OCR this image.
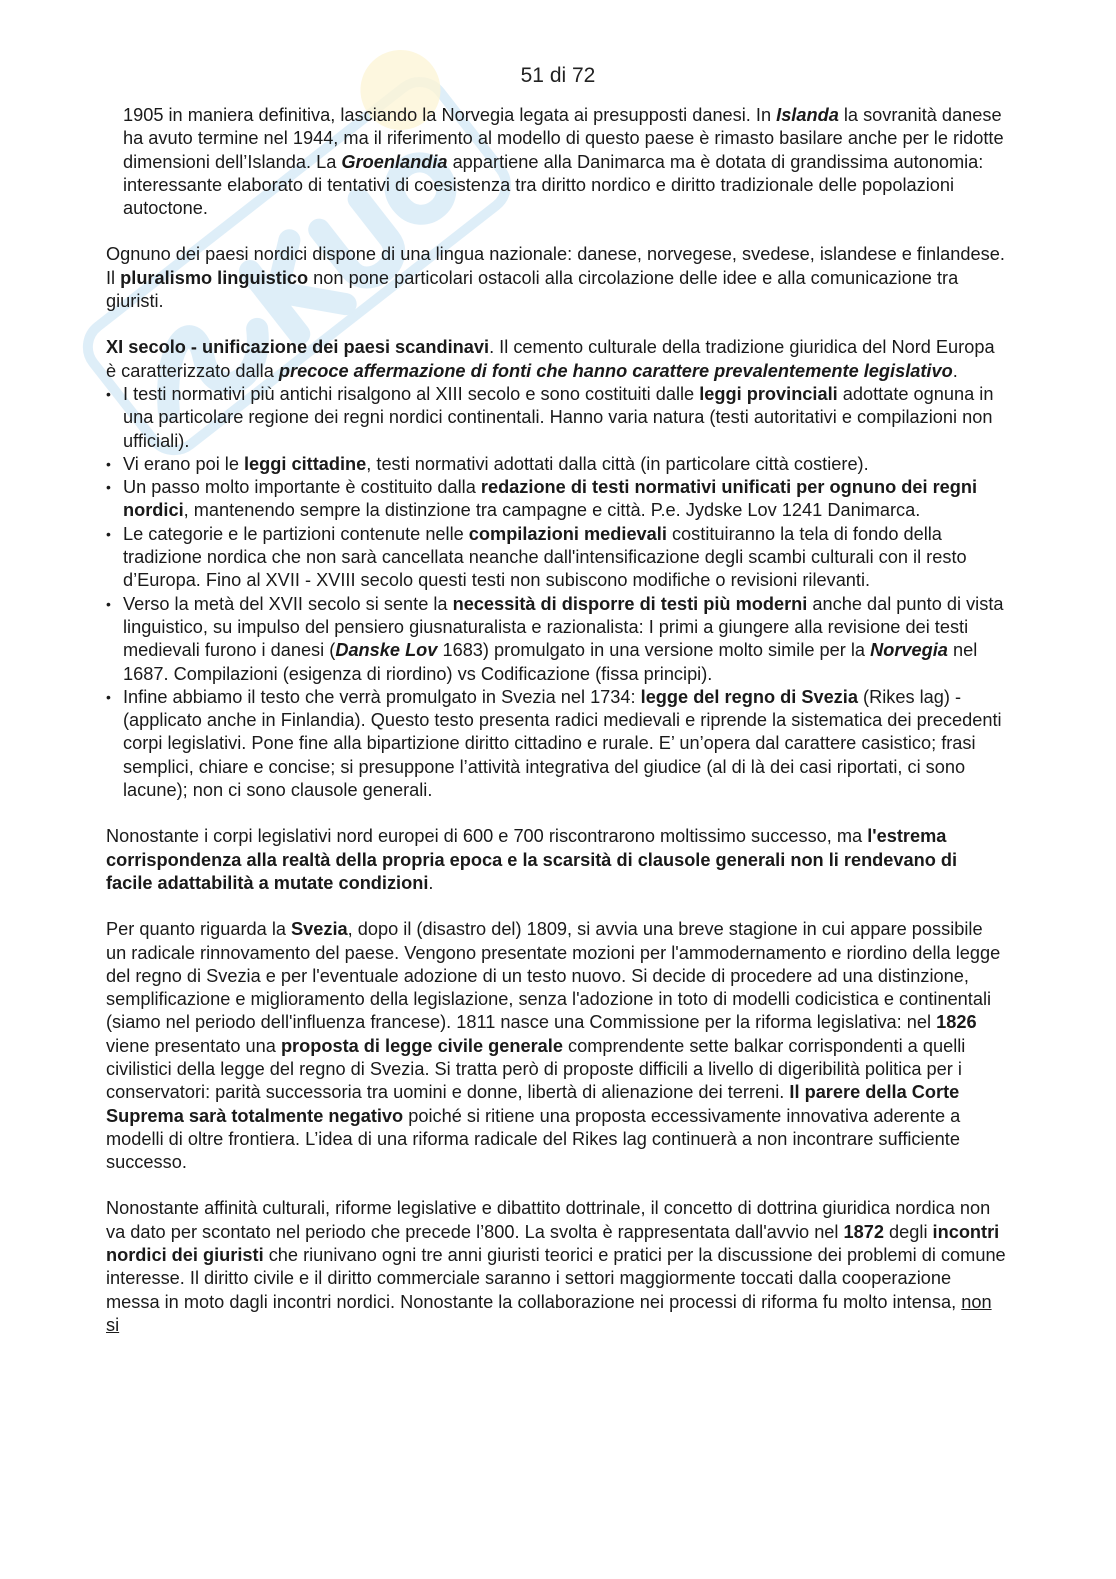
51 di 72

1905 in maniera definitiva, lasciando la Norvegia legata ai presupposti danesi. In Islanda la sovranità danese ha avuto termine nel 1944, ma il riferimento al modello di questo paese è rimasto basilare anche per le ridotte dimensioni dell’Islanda. La Groenlandia appartiene alla Danimarca ma è dotata di grandissima autonomia: interessante elaborato di tentativi di coesistenza tra diritto nordico e diritto tradizionale delle popolazioni autoctone.

Ognuno dei paesi nordici dispone di una lingua nazionale: danese, norvegese, svedese, islandese e finlandese. Il pluralismo linguistico non pone particolari ostacoli alla circolazione delle idee e alla comunicazione tra giuristi.

XI secolo - unificazione dei paesi scandinavi. Il cemento culturale della tradizione giuridica del Nord Europa è caratterizzato dalla precoce affermazione di fonti che hanno carattere prevalentemente legislativo.

• I testi normativi più antichi risalgono al XIII secolo e sono costituiti dalle leggi provinciali adottate ognuna in una particolare regione dei regni nordici continentali. Hanno varia natura (testi autoritativi e compilazioni non ufficiali).
• Vi erano poi le leggi cittadine, testi normativi adottati dalla città (in particolare città costiere).
• Un passo molto importante è costituito dalla redazione di testi normativi unificati per ognuno dei regni nordici, mantenendo sempre la distinzione tra campagne e città. P.e. Jydske Lov 1241 Danimarca.
• Le categorie e le partizioni contenute nelle compilazioni medievali costituiranno la tela di fondo della tradizione nordica che non sarà cancellata neanche dall'intensificazione degli scambi culturali con il resto d’Europa. Fino al XVII - XVIII secolo questi testi non subiscono modifiche o revisioni rilevanti.
• Verso la metà del XVII secolo si sente la necessità di disporre di testi più moderni anche dal punto di vista linguistico, su impulso del pensiero giusnaturalista e razionalista: I primi a giungere alla revisione dei testi medievali furono i danesi (Danske Lov 1683) promulgato in una versione molto simile per la Norvegia nel 1687. Compilazioni (esigenza di riordino) vs Codificazione (fissa principi).
• Infine abbiamo il testo che verrà promulgato in Svezia nel 1734: legge del regno di Svezia (Rikes lag) - (applicato anche in Finlandia). Questo testo presenta radici medievali e riprende la sistematica dei precedenti corpi legislativi. Pone fine alla bipartizione diritto cittadino e rurale. E’ un’opera dal carattere casistico; frasi semplici, chiare e concise; si presuppone l’attività integrativa del giudice (al di là dei casi riportati, ci sono lacune); non ci sono clausole generali.

Nonostante i corpi legislativi nord europei di 600 e 700 riscontrarono moltissimo successo, ma l'estrema corrispondenza alla realtà della propria epoca e la scarsità di clausole generali non li rendevano di facile adattabilità a mutate condizioni.

Per quanto riguarda la Svezia, dopo il (disastro del) 1809, si avvia una breve stagione in cui appare possibile un radicale rinnovamento del paese. Vengono presentate mozioni per l'ammodernamento e riordino della legge del regno di Svezia e per l'eventuale adozione di un testo nuovo. Si decide di procedere ad una distinzione, semplificazione e miglioramento della legislazione, senza l'adozione in toto di modelli codicistica e continentali (siamo nel periodo dell'influenza francese). 1811 nasce una Commissione per la riforma legislativa: nel 1826 viene presentato una proposta di legge civile generale comprendente sette balkar corrispondenti a quelli civilistici della legge del regno di Svezia. Si tratta però di proposte difficili a livello di digeribilità politica per i conservatori: parità successoria tra uomini e donne, libertà di alienazione dei terreni. Il parere della Corte Suprema sarà totalmente negativo poiché si ritiene una proposta eccessivamente innovativa aderente a modelli di oltre frontiera. L’idea di una riforma radicale del Rikes lag continuerà a non incontrare sufficiente successo.

Nonostante affinità culturali, riforme legislative e dibattito dottrinale, il concetto di dottrina giuridica nordica non va dato per scontato nel periodo che precede l’800. La svolta è rappresentata dall'avvio nel 1872 degli incontri nordici dei giuristi che riunivano ogni tre anni giuristi teorici e pratici per la discussione dei problemi di comune interesse. Il diritto civile e il diritto commerciale saranno i settori maggiormente toccati dalla cooperazione messa in moto dagli incontri nordici. Nonostante la collaborazione nei processi di riforma fu molto intensa, non si
